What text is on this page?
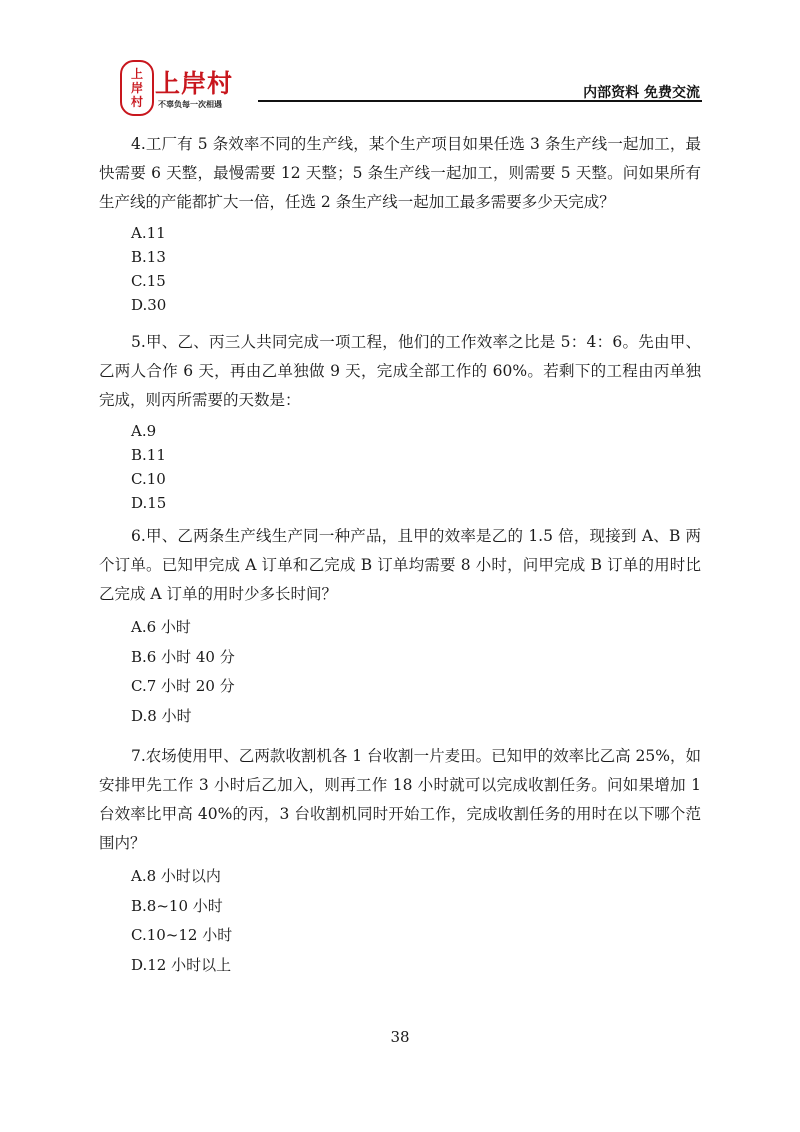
上
岸
村
上岸村
不辜负每一次相遇
内部资料 免费交流

4.工厂有 5 条效率不同的生产线，某个生产项目如果任选 3 条生产线一起加工，最快需要 6 天整，最慢需要 12 天整；5 条生产线一起加工，则需要 5 天整。问如果所有生产线的产能都扩大一倍，任选 2 条生产线一起加工最多需要多少天完成？

A.11
B.13
C.15
D.30

5.甲、乙、丙三人共同完成一项工程，他们的工作效率之比是 5：4：6。先由甲、乙两人合作 6 天，再由乙单独做 9 天，完成全部工作的 60%。若剩下的工程由丙单独完成，则丙所需要的天数是：

A.9
B.11
C.10
D.15

6.甲、乙两条生产线生产同一种产品，且甲的效率是乙的 1.5 倍，现接到 A、B 两个订单。已知甲完成 A 订单和乙完成 B 订单均需要 8 小时，问甲完成 B 订单的用时比乙完成 A 订单的用时少多长时间？

A.6 小时
B.6 小时 40 分
C.7 小时 20 分
D.8 小时

7.农场使用甲、乙两款收割机各 1 台收割一片麦田。已知甲的效率比乙高 25%，如安排甲先工作 3 小时后乙加入，则再工作 18 小时就可以完成收割任务。问如果增加 1 台效率比甲高 40%的丙，3 台收割机同时开始工作，完成收割任务的用时在以下哪个范围内？

A.8 小时以内
B.8~10 小时
C.10~12 小时
D.12 小时以上
38
